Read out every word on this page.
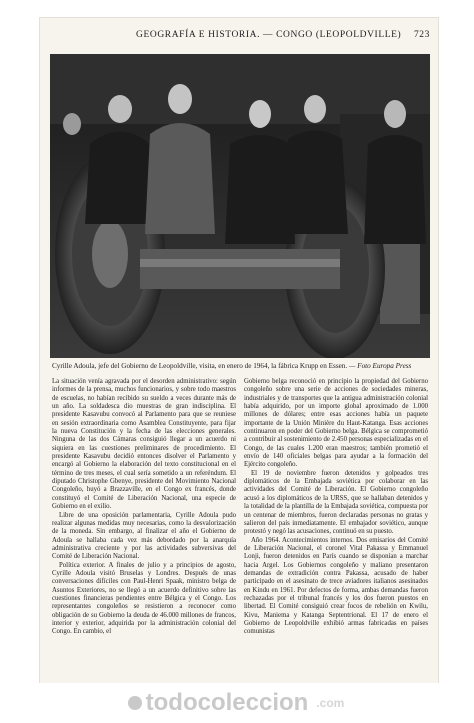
GEOGRAFÍA E HISTORIA. — CONGO (LEOPOLDVILLE) 723
Cyrille Adoula, jefe del Gobierno de Leopoldville, visita, en enero de 1964, la fábrica Krupp en Essen. — Foto Europa Press

La situación venía agravada por el desorden administrativo: según informes de la prensa, muchos funcionarios, y sobre todo maestros de escuelas, no habían recibido su sueldo a veces durante más de un año. La soldadesca dio muestras de gran indisciplina. El presidente Kasavubu convocó al Parlamento para que se reuniese en sesión extraordinaria como Asamblea Constituyente, para fijar la nueva Constitución y la fecha de las elecciones generales. Ninguna de las dos Cámaras consiguió llegar a un acuerdo ni siquiera en las cuestiones preliminares de procedimiento. El presidente Kasavubu decidió entonces disolver el Parlamento y encargó al Gobierno la elaboración del texto constitucional en el término de tres meses, el cual sería sometido a un referéndum. El diputado Christophe Gbenye, presidente del Movimiento Nacional Congoleño, huyó a Brazzaville, en el Congo ex francés, donde constituyó el Comité de Liberación Nacional, una especie de Gobierno en el exilio.

Libre de una oposición parlamentaria, Cyrille Adoula pudo realizar algunas medidas muy necesarias, como la desvalorización de la moneda. Sin embargo, al finalizar el año el Gobierno de Adoula se hallaba cada vez más debordado por la anarquía administrativa creciente y por las actividades subversivas del Comité de Liberación Nacional.

Política exterior. A finales de julio y a principios de agosto, Cyrille Adoula visitó Bruselas y Londres. Después de unas conversaciones difíciles con Paul-Henri Spaak, ministro belga de Asuntos Exteriores, no se llegó a un acuerdo definitivo sobre las cuestiones financieras pendientes entre Bélgica y el Congo. Los representantes congoleños se resistieron a reconocer como obligación de su Gobierno la deuda de 46.000 millones de francos, interior y exterior, adquirida por la administración colonial del Congo. En cambio, el

Gobierno belga reconoció en principio la propiedad del Gobierno congoleño sobre una serie de acciones de sociedades mineras, industriales y de transportes que la antigua administración colonial había adquirido, por un importe global aproximado de 1.000 millones de dólares; entre esas acciones había un paquete importante de la Unión Minière du Haut-Katanga. Esas acciones continuaron en poder del Gobierno belga. Bélgica se comprometió a contribuir al sostenimiento de 2.450 personas especializadas en el Congo, de las cuales 1.200 eran maestros; también prometió el envío de 140 oficiales belgas para ayudar a la formación del Ejército congoleño.

El 19 de noviembre fueron detenidos y golpeados tres diplomáticos de la Embajada soviética por colaborar en las actividades del Comité de Liberación. El Gobierno congoleño acusó a los diplomáticos de la URSS, que se hallaban detenidos y la totalidad de la plantilla de la Embajada soviética, compuesta por un centenar de miembros, fueron declaradas personas no gratas y salieron del país inmediatamente. El embajador soviético, aunque protestó y negó las acusaciones, continuó en su puesto.

Año 1964. Acontecimientos internos. Dos emisarios del Comité de Liberación Nacional, el coronel Vital Pakassa y Emmanuel Lonji, fueron detenidos en París cuando se disponían a marchar hacia Argel. Los Gobiernos congoleño y maliano presentaron demandas de extradición contra Pakassa, acusado de haber participado en el asesinato de trece aviadores italianos asesinados en Kindu en 1961. Por defectos de forma, ambas demandas fueron rechazadas por el tribunal francés y los dos fueron puestos en libertad. El Comité consiguió crear focos de rebelión en Kwilu, Kivu, Maniema y Katanga Septentrional. El 17 de enero el Gobierno de Leopoldville exhibió armas fabricadas en países comunistas

todocoleccion .com
